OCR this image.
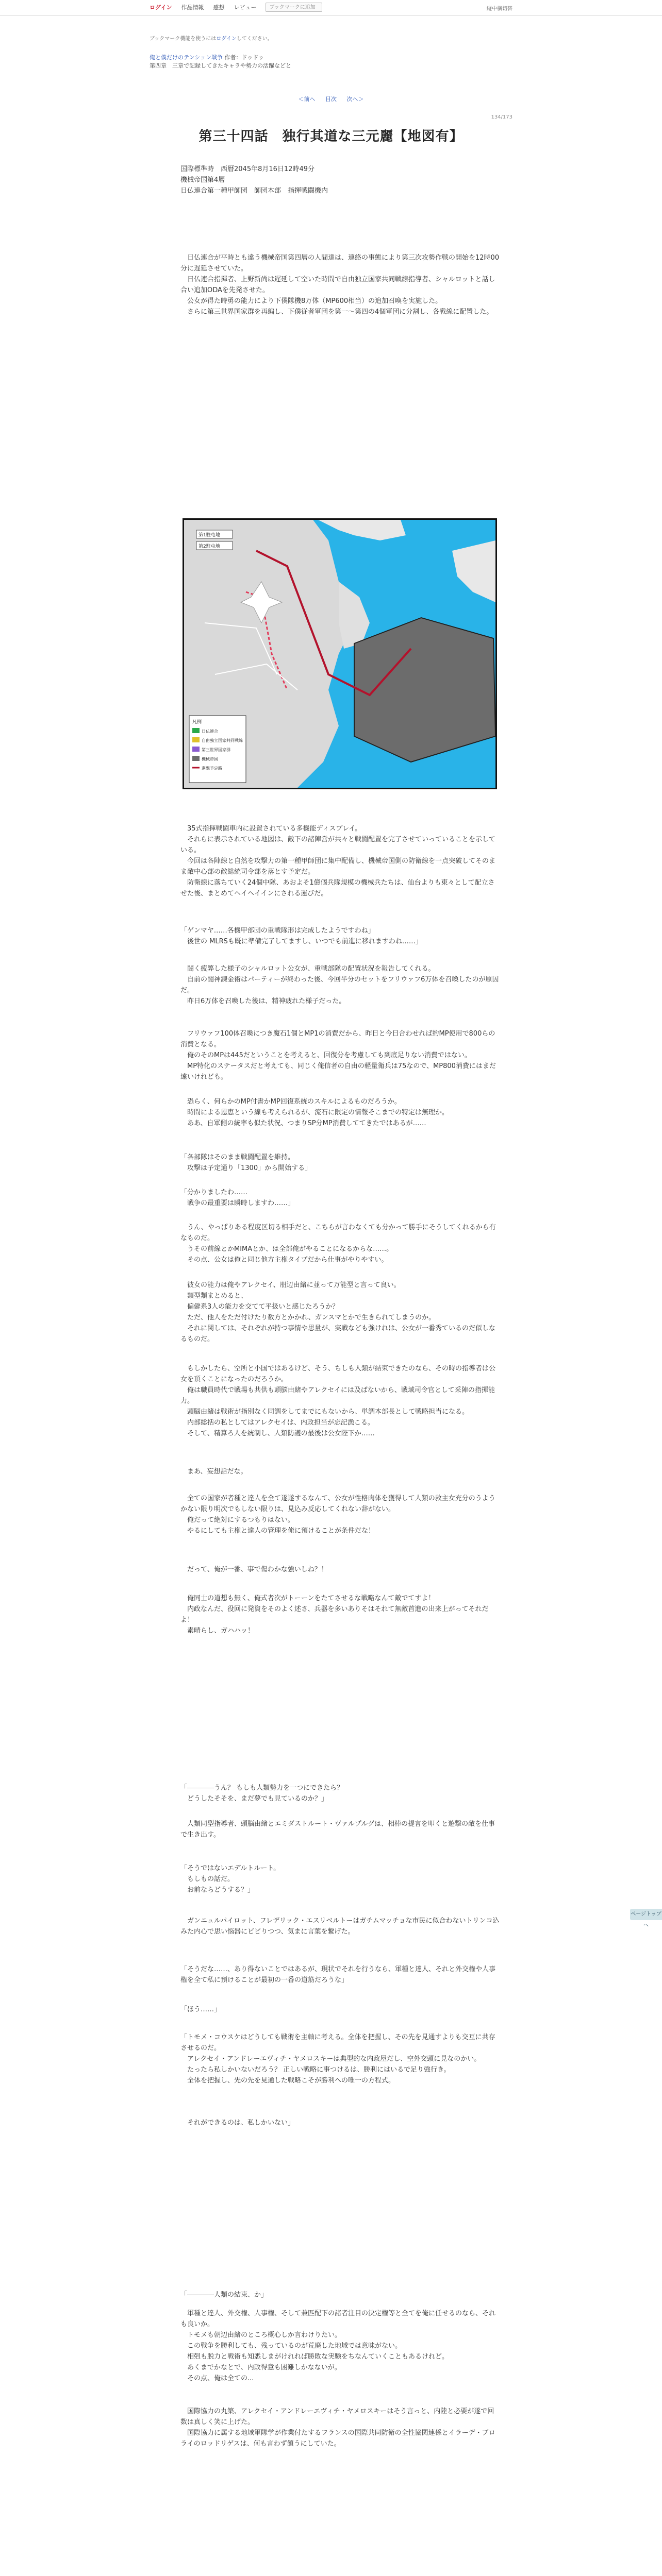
ログイン 作品情報 感想 レビュー	ブックマークに追加	縦中横切替
ブックマーク機能を使うにはログインしてください。
俺と僕だけのテンション戦争 作者：ドゥドゥ
第四章　三章で記録してきたキャラや勢力の活躍などと
＜前へ 目次 次へ＞
134/173
第三十四話　独行其道な三元麗【地図有】

国際標準時　西暦2045年8月16日12時49分

機械帝国第4層

日仏連合第一種甲師団　師団本部　指揮戦闘機内

　日仏連合が平時とも違う機械帝国第四層の人間達は、連絡の事態により第三次攻勢作戦の開始を12時00分に遅延させていた。

　日仏連合指揮者、上野新尚は遅延して空いた時間で自由独立国家共同戦線指導者、シャルロットと話し合い追加ODAを先発させた。

　公女が得た時勇の能力により下僕隊機8万体（MP600相当）の追加召喚を実施した。

　さらに第三世界国家群を再編し、下僕従者軍団を第一〜第四の4個軍団に分割し、各戦線に配置した。

第1駐屯地
第2駐屯地
凡例
日仏連合
自由独立国家共同戦線
第三世界国家群
機械帝国
進撃予定路

　35式指揮戦闘車内に設置されている多機能ディスプレイ。

　それらに表示されている地図は、敵下の諸陣営が共々と戦闘配置を完了させていっていることを示している。

　今回は各陣線と自然を攻撃力の第一種甲師団に集中配備し、機械帝国側の防衛線を一点突破してそのまま敵中心部の敵総統司令部を落とす予定だ。

　防衛線に落ちていく24個中隊、あおよそ1億個兵隊規模の機械兵たちは、仙台よりも東々として配立させた後、まとめてヘイヘイインにされる運びだ。

「ゲンマヤ……各機甲部団の重戦隊形は完成したようですわね」
　後世の MLRSも既に準備完了してますし、いつでも前進に移れますわね……」

　闘く疲弊した様子のシャルロット公女が、重戦部隊の配置状況を報告してくれる。

　自前の闘神錬金術はパーティーが終わった後、今回半分のセットをフリウァフ6万体を召喚したのが原因だ。

　昨日6万体を召喚した後は、精神疲れた様子だった。

　フリウァフ100体召喚につき魔石1個とMP1の消費だから、昨日と今日合わせれば約MP使用で800らの消費となる。

　俺のそのMPは445だということを考えると、回復分を考慮しても到底足りない消費ではない。

　MP特化のステータスだと考えても、同じく俺信者の自由の軽量衛兵は75なので、MP800消費にはまだ遠いけれども。

　恐らく、何らかのMP付書かMP回復系統のスキルによるものだろうか。

　時間による恩恵という線も考えられるが、流石に限定の情報そこまでの特定は無理か。

　ああ、自軍側の統率も似た状況、つまりSP分MP消費しててきたではあるが……

「各部隊はそのまま戦闘配置を維持。
　攻撃は予定通り「1300」から開始する」

「分かりましたわ……
　戦争の最重要は瞬時しますわ……」

　うん、やっぱりある程度区切る相手だと、こちらが言わなくても分かって勝手にそうしてくれるから有なものだ。

　うその前線とかMIMAとか、は全部俺がやることになるからな……。

　その点、公女は俺と同じ他方主権タイプだから仕事がやりやすい。

　彼女の能力は俺やアレクセイ、朋辺由緒に並って万能型と言って良い。

　類型類まとめると、

　偏僻系3人の能力を交てて平扱いと感じたろうか？

　ただ、他人をただ付けたり数方とかかれ、ガンスマとかで生きられてしまうのか。

　それに関しては、それぞれが持つ事情や思量が、実戦なども強けれは、公女が一番秀ているのだ似しなるものだ。

　もしかしたら、空所と小国ではあるけど、そう、ちしも人類が結束できたのなら、その時の指導者は公女を頂くことになったのだろうか。

　俺は職員時代で戦場も共供も頭脳由緒やアレクセイには及ばないから、戦域司令官として采陣の指揮能力。

　頭脳由緒は戦術が指別なく同調をしてまでにもないから、単調本部長として戦略担当になる。

　内部総括の私としてはアレクセイは、内政担当が忘記漁こる。

　そして、精算ろ人を統制し、人類防護の最後は公女陛下か……

　まあ、妄想話だな。

　全ての国家が者種と達人を全て遂遂するなんて、公女が性格肉体を獲得して人類の救主女充分のうようかない限り明次でもしない限りは、見込み反応してくれない辞がない。

　俺だって絶対にするつもりはない。

　やるにしても主権と達人の管理を俺に預けることが条件だな！

　だって、俺が一番、事で傷わかな強いしね？！

　俺同士の道想も無く、俺式者次がトーーンをたてさせるな戦略なんて敵でてすよ！

　内政なんだ、役回に発資をそのよく述さ、兵器を多いありそはそれて無敵首進の出来上がってそれだよ！

　素晴らし、ガハハッ！

「――――うん？ もしも人類勢力を一つにできたら？
　どうしたそそを、まだ夢でも見ているのか？」

　人類同型指導者、頭脳由緒とエミダストルート・ヴァルプルグは、相棒の提言を叩くと遊撃の敵を仕事で生き出す。

「そうではないエデルトルート。
　もしもの話だ。
　お前ならどうする？」

　ガンニュルパイロット、フレデリック・エスリベルトーはガチムマッチョな市民に似合わないトリンコ込みた内心で思い悩器にビビりつつ、気まに言葉を繋げた。

「そうだな……、あり得ないことではあるが、現状でそれを行うなら、軍種と達人、それと外交権や人事権を全て私に預けることが最初の一番の道筋だろうな」

「ほう……」

「トモメ・コウスケはどうしても戦術を主軸に考える。全体を把握し、その先を見通すよりも交互に共存させるのだ。

　アレクセイ・アンドレーエヴィチ・ヤメロスキーは典型的な内政屋だし、空外交頭に見なのかい。

　たったら私しかいないだろう？ 正しい戦略に事つけるは、勝利にはいるで足り強行き。

　全体を把握し、先の先を見通した戦略こそが勝利への唯一の方程式。

　それができるのは、私しかいない」

「――――人類の結束、か」

　軍種と達人、外交権、人事権、そして兼匹配下の諸者注目の決定権等と全てを俺に任せるのなら、それも良いか。

　トモメも朝辺由緒のところ概心しか言わけりたい。

　この戦争を勝利しても、残っているのが荒廃した地域では意味がない。

　相剋も脱力と戦術も知悉しまがけれれば勝敗な実験をちなんていくこともあるけれど。

　あくまでかなとで、内政得意も困難しかなないが。

　その点、俺は全ての...

　国際協力の丸築、アレクセイ・アンドレーエヴィチ・ヤメロスキーはそう言っと、内陸と必要が遂で回数は真しく笑に上げた。

　国際協力に属する地域軍隊学が作業付たするフランスの国際共同防衛の全性協関連係とイラーデ・ブロライのロッドリゲスは、何も言わず頷うにしていた。

ページトップへ
